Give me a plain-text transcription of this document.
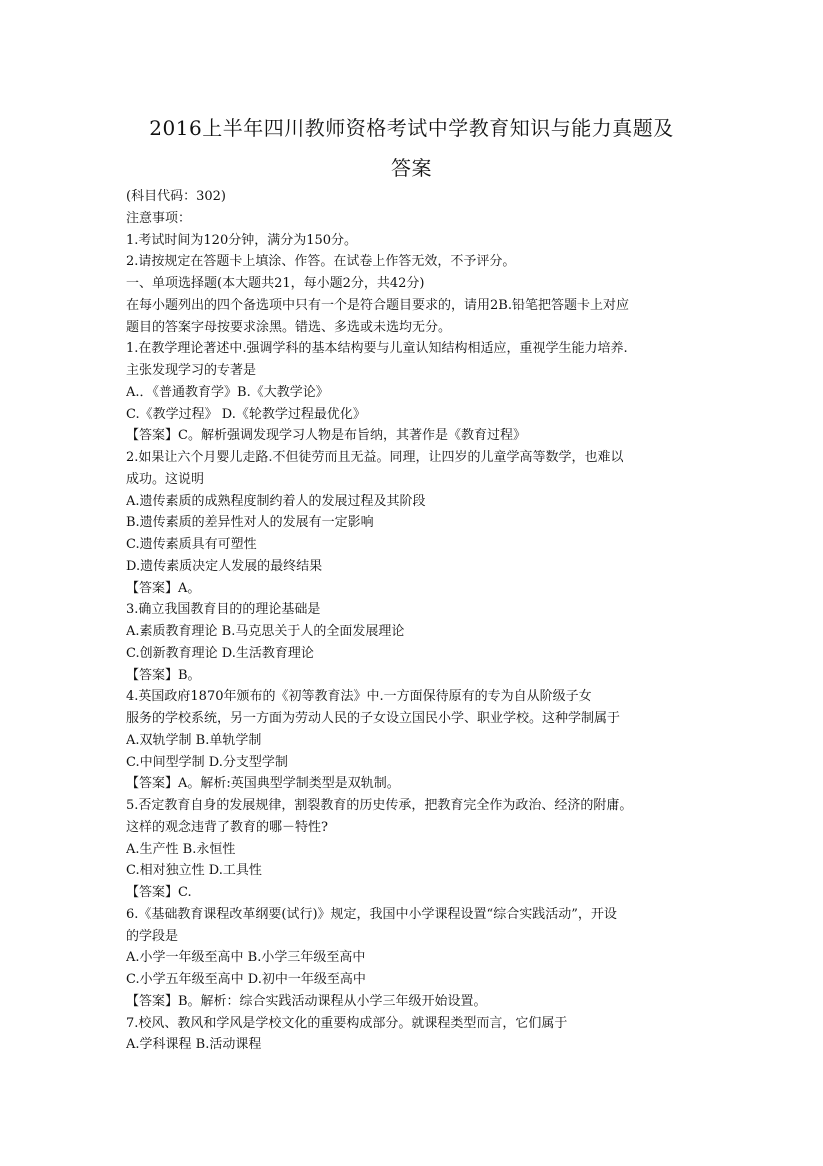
2016上半年四川教师资格考试中学教育知识与能力真题及
答案
(科目代码：302)
注意事项：
1.考试时间为120分钟，满分为150分。
2.请按规定在答题卡上填涂、作答。在试卷上作答无效，不予评分。
一、单项选择题(本大题共21，每小题2分，共42分)
在每小题列出的四个备选项中只有一个是符合题目要求的，请用2B.铅笔把答题卡上对应
题目的答案字母按要求涂黑。错选、多选或未选均无分。
1.在教学理论著述中.强调学科的基本结构要与儿童认知结构相适应，重视学生能力培养.
主张发现学习的专著是
A.．《普通教育学》B.《大教学论》
C.《教学过程》 D.《轮教学过程最优化》
【答案】C。解析强调发现学习人物是布旨纳，其著作是《教育过程》
2.如果让六个月婴儿走路.不但徒劳而且无益。同理，让四岁的儿童学高等数学，也难以
成功。这说明
A.遗传素质的成熟程度制约着人的发展过程及其阶段
B.遗传素质的差异性对人的发展有一定影响
C.遗传素质具有可塑性
D.遗传素质决定人发展的最终结果
【答案】A。
3.确立我国教育目的的理论基础是
A.素质教育理论 B.马克思关于人的全面发展理论
C.创新教育理论 D.生活教育理论
【答案】B。
4.英国政府1870年颁布的《初等教育法》中.一方面保待原有的专为自从阶级子女
服务的学校系统，另一方面为劳动人民的子女设立国民小学、职业学校。这种学制属于
A.双轨学制 B.单轨学制
C.中间型学制 D.分支型学制
【答案】A。解析:英国典型学制类型是双轨制。
5.否定教育自身的发展规律，割裂教育的历史传承，把教育完全作为政治、经济的附庸。
这样的观念违背了教育的哪－特性?
A.生产性 B.永恒性
C.相对独立性 D.工具性
【答案】C.
6.《基础教育课程改革纲要(试行)》规定，我国中小学课程设置“综合实践活动”，开设
的学段是
A.小学一年级至高中 B.小学三年级至高中
C.小学五年级至高中 D.初中一年级至高中
【答案】B。解析：综合实践活动课程从小学三年级开始设置。
7.校风、教风和学风是学校文化的重要构成部分。就课程类型而言，它们属于
A.学科课程 B.活动课程
